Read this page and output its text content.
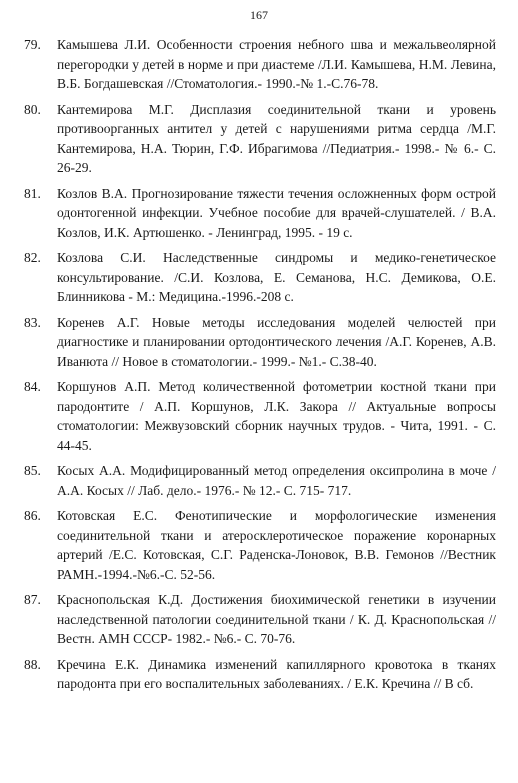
167
79. Камышева Л.И. Особенности строения небного шва и межальвеолярной перегородки у детей в норме и при диастеме /Л.И. Камышева, Н.М. Левина, В.Б. Богдашевская //Стоматология.- 1990.-№ 1.-С.76-78.
80. Кантемирова М.Г. Дисплазия соединительной ткани и уровень противоорганных антител у детей с нарушениями ритма сердца /М.Г. Кантемирова, Н.А. Тюрин, Г.Ф. Ибрагимова //Педиатрия.- 1998.- № 6.- С. 26-29.
81. Козлов В.А. Прогнозирование тяжести течения осложненных форм острой одонтогенной инфекции. Учебное пособие для врачей-слушателей. / В.А. Козлов, И.К. Артюшенко. - Ленинград, 1995. - 19 с.
82. Козлова С.И. Наследственные синдромы и медико-генетическое консультирование. /С.И. Козлова, Е. Семанова, Н.С. Демикова, О.Е. Блинникова - М.: Медицина.-1996.-208 с.
83. Коренев А.Г. Новые методы исследования моделей челюстей при диагностике и планировании ортодонтического лечения /А.Г. Коренев, А.В. Иванюта // Новое в стоматологии.- 1999.- №1.- С.38-40.
84. Коршунов А.П. Метод количественной фотометрии костной ткани при пародонтите / А.П. Коршунов, Л.К. Закора // Актуальные вопросы стоматологии: Межвузовский сборник научных трудов. - Чита, 1991. - С. 44-45.
85. Косых А.А. Модифицированный метод определения оксипролина в моче / А.А. Косых // Лаб. дело.- 1976.- № 12.- С. 715- 717.
86. Котовская Е.С. Фенотипические и морфологические изменения соединительной ткани и атеросклеротическое поражение коронарных артерий /Е.С. Котовская, С.Г. Раденска-Лоновок, В.В. Гемонов //Вестник РАМН.-1994.-№6.-С. 52-56.
87. Краснопольская К.Д. Достижения биохимической генетики в изучении наследственной патологии соединительной ткани / К. Д. Краснопольская //Вестн. АМН СССР- 1982.- №6.- С. 70-76.
88. Кречина Е.К. Динамика изменений капиллярного кровотока в тканях пародонта при его воспалительных заболеваниях. / Е.К. Кречина // В сб.
